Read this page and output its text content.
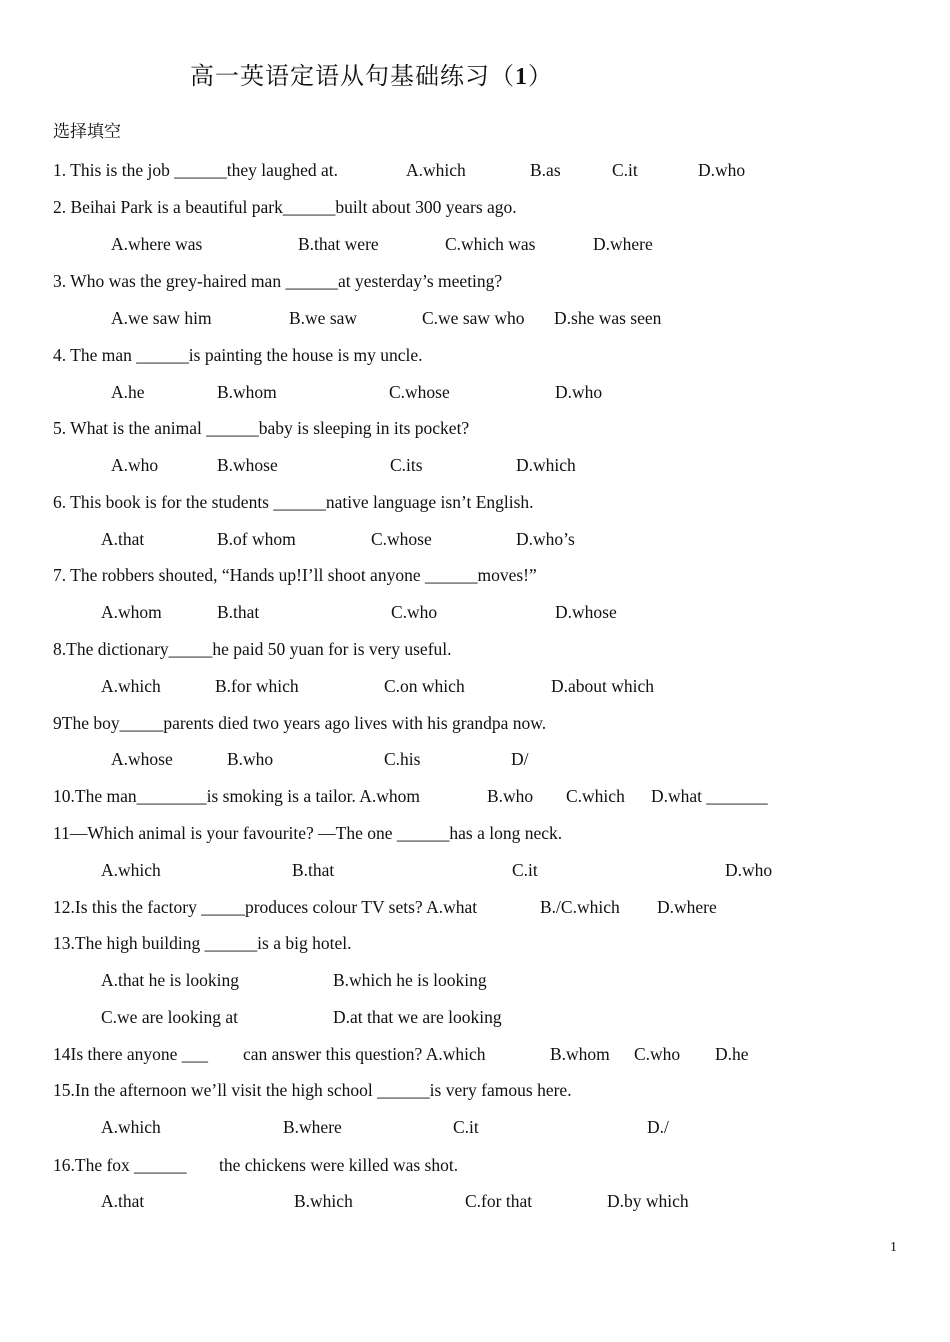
高一英语定语从句基础练习（1）
选择填空
1. This is the job ______they laughed at.	A.which	B.as	C.it	D.who
2. Beihai Park is a beautiful park______built about 300 years ago.
A.where was	B.that were	C.which was	D.where
3. Who was the grey-haired man ______at yesterday’s meeting?
A.we saw him	B.we saw	C.we saw who D.she was seen
4. The man ______is painting the house is my uncle.
A.he	B.whom	C.whose	D.who
5. What is the animal ______baby is sleeping in its pocket?
A.who	B.whose	C.its	D.which
6. This book is for the students ______native language isn’t English.
A.that	B.of whom	C.whose	D.who’s
7. The robbers shouted, “Hands up!I’ll shoot anyone ______moves!”
A.whom	B.that	C.who	D.whose
8.The dictionary_____he paid 50 yuan for is very useful.
A.which	B.for which	C.on which	D.about which
9The boy_____parents died two years ago lives with his grandpa now.
A.whose	B.who	C.his	D/
10.The man________is smoking is a tailor. A.whom	B.who C.which D.what _______
11—Which animal is your favourite? —The one ______has a long neck.
A.which	B.that	C.it	D.who
12.Is this the factory _____produces colour TV sets? A.what	B./C.which D.where
13.The high building ______is a big hotel.
A.that he is looking	B.which he is looking
C.we are looking at	D.at that we are looking
14Is there anyone ___ can answer this question? A.which	B.whom C.who D.he
15.In the afternoon we’ll visit the high school ______is very famous here.
A.which	B.where	C.it	D./
16.The fox ______ the chickens were killed was shot.
A.that	B.which	C.for that	D.by which
1
